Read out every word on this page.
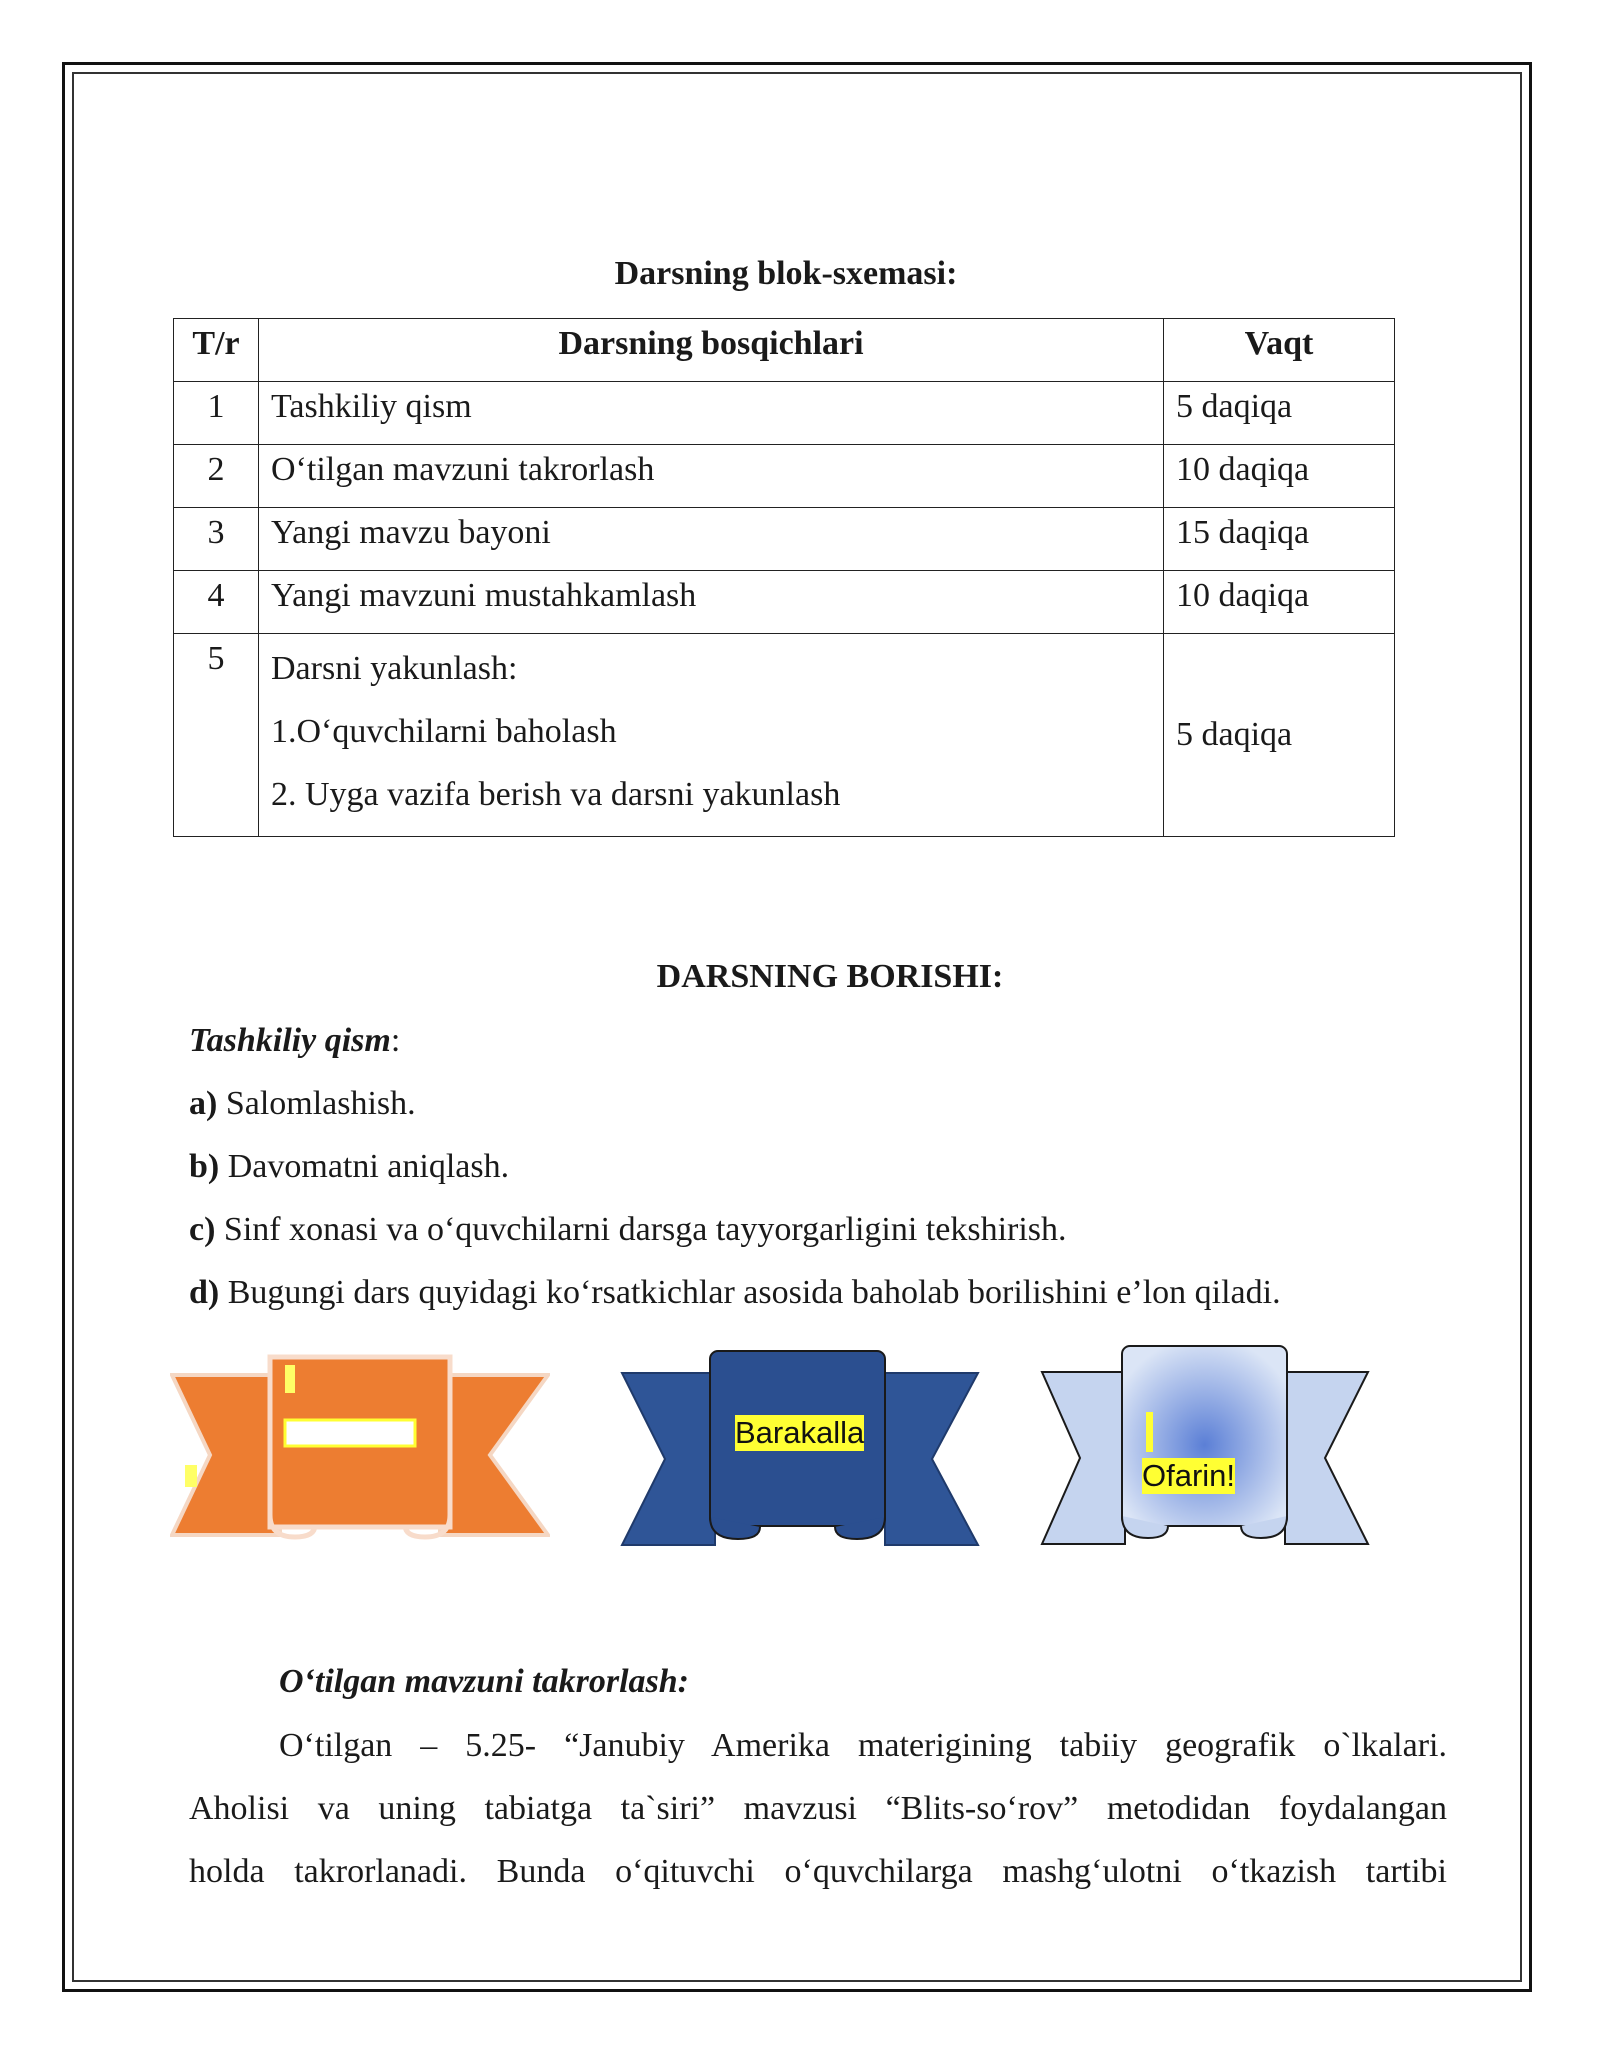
Darsning blok-sxemasi:
T/r	Darsning bosqichlari	Vaqt
1	Tashkiliy qism	5 daqiqa
2	O‘tilgan mavzuni takrorlash	10 daqiqa
3	Yangi mavzu bayoni	15 daqiqa
4	Yangi mavzuni mustahkamlash	10 daqiqa
5	Darsni yakunlash:
1.O‘quvchilarni baholash
2. Uyga vazifa berish va darsni yakunlash	5 daqiqa
DARSNING BORISHI:
Tashkiliy qism:
a) Salomlashish.
b) Davomatni aniqlash.
c) Sinf xonasi va o‘quvchilarni darsga tayyorgarligini tekshirish.
d) Bugungi dars quyidagi ko‘rsatkichlar asosida baholab borilishini e’lon qiladi.
Barakalla
Ofarin!
O‘tilgan mavzuni takrorlash:
O‘tilgan – 5.25- “Janubiy Amerika materigining tabiiy geografik o`lkalari.
Aholisi va uning tabiatga ta`siri” mavzusi “Blits-so‘rov” metodidan foydalangan
holda takrorlanadi. Bunda o‘qituvchi o‘quvchilarga mashg‘ulotni o‘tkazish tartibi
